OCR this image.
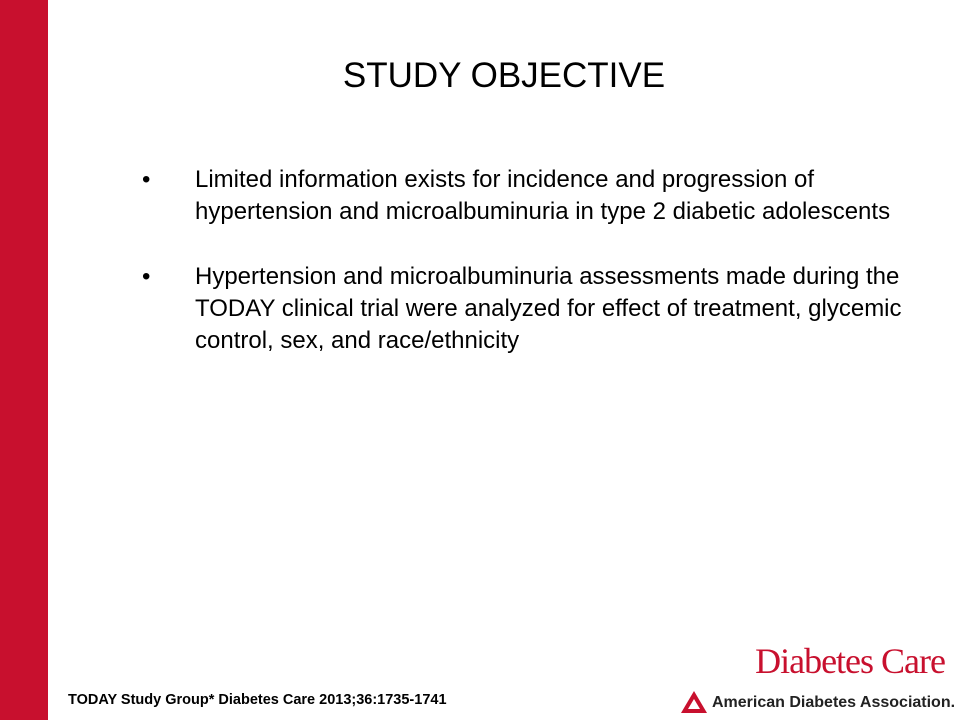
STUDY OBJECTIVE
•	Limited information exists for incidence and progression of hypertension and microalbuminuria in type 2 diabetic adolescents
•	Hypertension and microalbuminuria assessments made during the TODAY clinical trial were analyzed for effect of treatment, glycemic control, sex, and race/ethnicity
TODAY Study Group* Diabetes Care 2013;36:1735-1741
Diabetes Care
American Diabetes Association.
